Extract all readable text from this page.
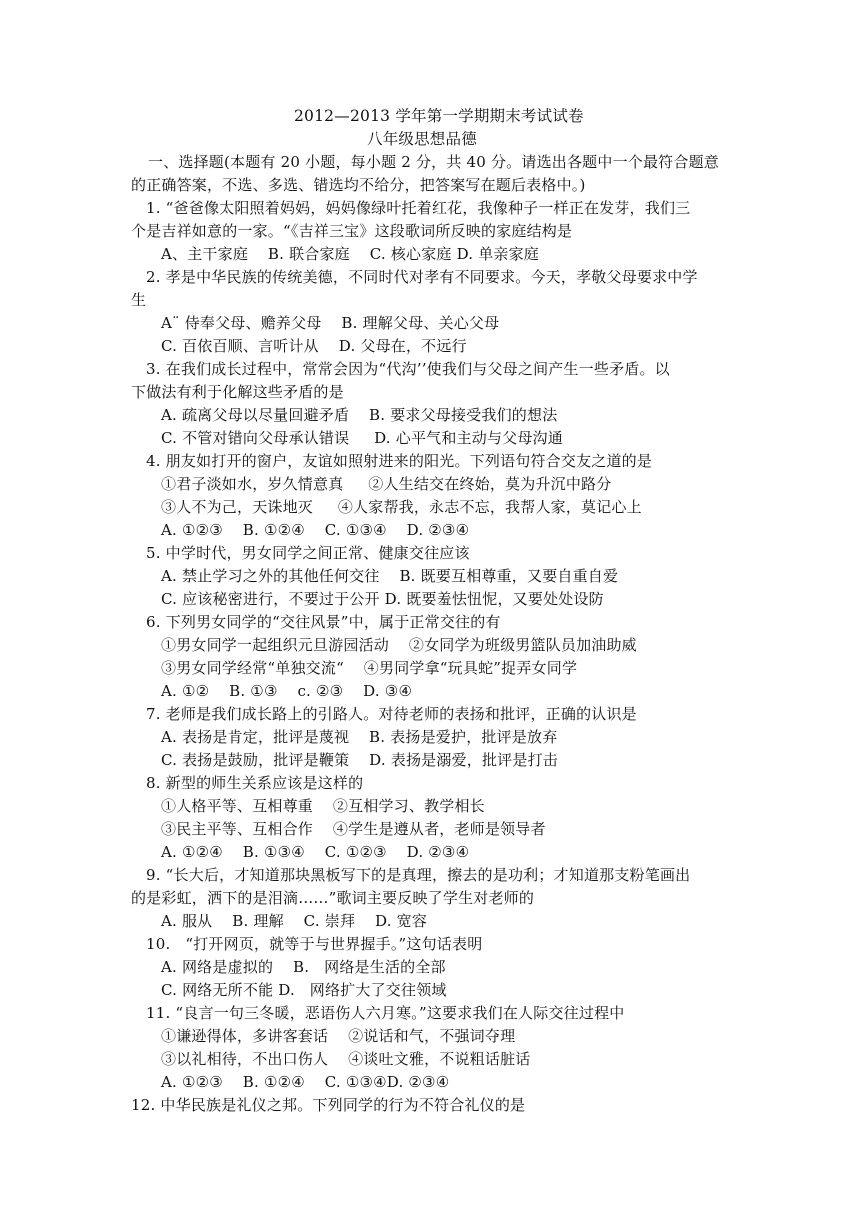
2012—2013 学年第一学期期末考试试卷
八年级思想品德
一、选择题(本题有 20 小题，每小题 2 分，共 40 分。请选出各题中一个最符合题意
的正确答案，不选、多选、错选均不给分，把答案写在题后表格中。)
1. “爸爸像太阳照着妈妈，妈妈像绿叶托着红花，我像种子一样正在发芽，我们三
个是吉祥如意的一家。“《吉祥三宝》这段歌词所反映的家庭结构是
A、主干家庭    B. 联合家庭    C. 核心家庭 D. 单亲家庭
2. 孝是中华民族的传统美德，不同时代对孝有不同要求。今天，孝敬父母要求中学
生
A¨ 侍奉父母、赡养父母    B. 理解父母、关心父母
C. 百依百顺、言听计从    D. 父母在，不远行
3. 在我们成长过程中，常常会因为“代沟’’使我们与父母之间产生一些矛盾。以
下做法有利于化解这些矛盾的是
A. 疏离父母以尽量回避矛盾    B. 要求父母接受我们的想法
C. 不管对错向父母承认错误     D. 心平气和主动与父母沟通
4. 朋友如打开的窗户，友谊如照射进来的阳光。下列语句符合交友之道的是
①君子淡如水，岁久情意真     ②人生结交在终始，莫为升沉中路分
③人不为己，天诛地灭     ④人家帮我，永志不忘，我帮人家，莫记心上
A. ①②③    B. ①②④    C. ①③④    D. ②③④
5. 中学时代，男女同学之间正常、健康交往应该
A. 禁止学习之外的其他任何交往    B. 既要互相尊重，又要自重自爱
C. 应该秘密进行，不要过于公开 D. 既要羞怯忸怩，又要处处设防
6. 下列男女同学的“交往风景”中，属于正常交往的有
①男女同学一起组织元旦游园活动    ②女同学为班级男篮队员加油助威
③男女同学经常“单独交流“    ④男同学拿“玩具蛇”捉弄女同学
A. ①②    B. ①③    c. ②③    D. ③④
7. 老师是我们成长路上的引路人。对待老师的表扬和批评，正确的认识是
A. 表扬是肯定，批评是蔑视    B. 表扬是爱护，批评是放弃
C. 表扬是鼓励，批评是鞭策    D. 表扬是溺爱，批评是打击
8. 新型的师生关系应该是这样的
①人格平等、互相尊重    ②互相学习、教学相长
③民主平等、互相合作    ④学生是遵从者，老师是领导者
A. ①②④    B. ①③④    C. ①②③    D. ②③④
9. “长大后，才知道那块黑板写下的是真理，擦去的是功利；才知道那支粉笔画出
的是彩虹，洒下的是泪滴……”歌词主要反映了学生对老师的
A. 服从    B. 理解    C. 崇拜    D. 宽容
10.   “打开网页，就等于与世界握手。”这句话表明
A. 网络是虚拟的    B.   网络是生活的全部
C. 网络无所不能 D.   网络扩大了交往领域
11. “良言一句三冬暖，恶语伤人六月寒。”这要求我们在人际交往过程中
①谦逊得体，多讲客套话    ②说话和气，不强词夺理
③以礼相待，不出口伤人    ④谈吐文雅，不说粗话脏话
A. ①②③    B. ①②④    C. ①③④D. ②③④
12. 中华民族是礼仪之邦。下列同学的行为不符合礼仪的是
